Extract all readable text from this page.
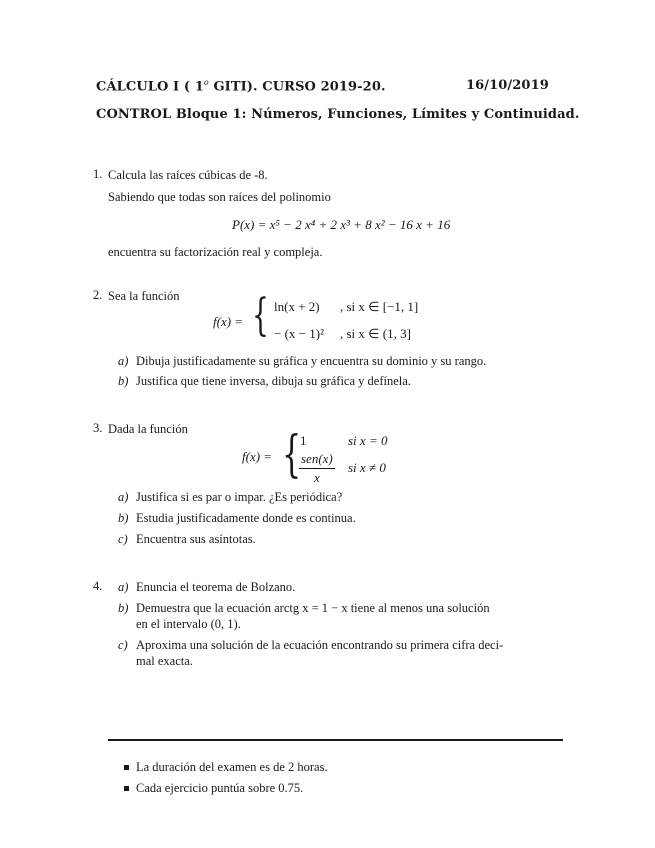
CÁLCULO I ( 1$^o$ GITI). CURSO 2019-20.	16/10/2019
CONTROL Bloque 1: Números, Funciones, Límites y Continuidad.
1. Calcula las raíces cúbicas de -8.
Sabiendo que todas son raíces del polinomio
P(x) = x⁵ − 2 x⁴ + 2 x³ + 8 x² − 16 x + 16
encuentra su factorización real y compleja.
2. Sea la función
f(x) = { ln(x + 2) , si x ∈ [−1, 1]
− (x − 1)² , si x ∈ (1, 3]
a) Dibuja justificadamente su gráfica y encuentra su dominio y su rango.
b) Justifica que tiene inversa, dibuja su gráfica y defínela.
3. Dada la función
f(x) = {
1	si x = 0
$\frac{\text{sen(x)}}{x}$ si x ≠ 0
a) Justifica si es par o impar. ¿Es periódica?
b) Estudia justificadamente donde es continua.
c) Encuentra sus asíntotas.
4. a) Enuncia el teorema de Bolzano.
b) Demuestra que la ecuación arctg x = 1 − x tiene al menos una solución
en el intervalo (0, 1).
c) Aproxima una solución de la ecuación encontrando su primera cifra deci-
mal exacta.
La duración del examen es de 2 horas.
Cada ejercicio puntúa sobre 0.75.
